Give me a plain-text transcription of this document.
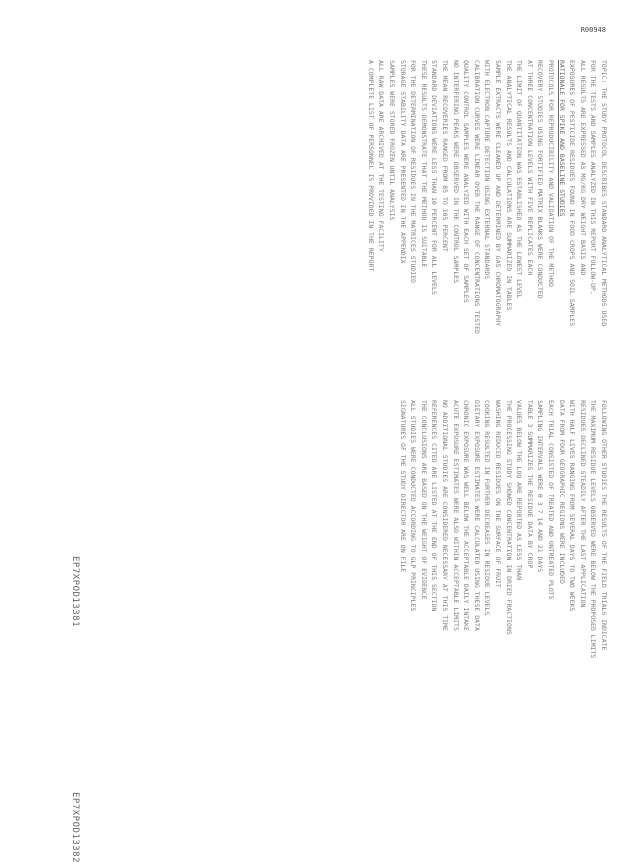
R00948
EP7XPOD13381
EP7XPOD13382
TOPIC: THE STUDY PROTOCOL DESCRIBES STANDARD ANALYTICAL METHODS USED
FOR THE TESTS AND SAMPLES ANALYZED IN THIS REPORT FOLLOW-UP.
ALL RESULTS ARE EXPRESSED AS MG/KG DRY WEIGHT BASIS AND
EXPOSURES OF PESTICIDE RESIDUES FOUND IN FOOD CROPS AND SOIL SAMPLES
RATIONALE FOR SPIKE AND BASELINE STUDIES
PROTOCOLS FOR REPRODUCIBILITY AND VALIDATION OF THE METHOD
RECOVERY STUDIES USING FORTIFIED MATRIX BLANKS WERE CONDUCTED
AT THREE CONCENTRATION LEVELS WITH FIVE REPLICATES EACH
THE LIMIT OF QUANTITATION WAS ESTABLISHED AS THE LOWEST LEVEL
THE ANALYTICAL RESULTS AND CALCULATIONS ARE SUMMARIZED IN TABLES
SAMPLE EXTRACTS WERE CLEANED UP AND DETERMINED BY GAS CHROMATOGRAPHY
WITH ELECTRON CAPTURE DETECTION USING EXTERNAL STANDARDS
CALIBRATION CURVES WERE LINEAR OVER THE RANGE OF CONCENTRATIONS TESTED
QUALITY CONTROL SAMPLES WERE ANALYZED WITH EACH SET OF SAMPLES
NO INTERFERING PEAKS WERE OBSERVED IN THE CONTROL SAMPLES
THE MEAN RECOVERIES RANGED FROM 85 TO 105 PERCENT
STANDARD DEVIATIONS WERE LESS THAN 10 PERCENT FOR ALL LEVELS
THESE RESULTS DEMONSTRATE THAT THE METHOD IS SUITABLE
FOR THE DETERMINATION OF RESIDUES IN THE MATRICES STUDIED
STORAGE STABILITY DATA ARE PRESENTED IN THE APPENDIX
SAMPLES WERE STORED FROZEN UNTIL ANALYSIS
ALL RAW DATA ARE ARCHIVED AT THE TESTING FACILITY
A COMPLETE LIST OF PERSONNEL IS PROVIDED IN THE REPORT
FOLLOWING OTHER STUDIES THE RESULTS OF THE FIELD TRIALS INDICATE
THE MAXIMUM RESIDUE LEVELS OBSERVED WERE BELOW THE PROPOSED LIMITS
RESIDUES DECLINED STEADILY AFTER THE LAST APPLICATION
WITH HALF LIVES RANGING FROM SEVERAL DAYS TO TWO WEEKS
DATA FROM FOUR GEOGRAPHIC REGIONS WERE INCLUDED
EACH TRIAL CONSISTED OF TREATED AND UNTREATED PLOTS
SAMPLING INTERVALS WERE 0 3 7 14 AND 21 DAYS
TABLE 3 SUMMARIZES THE RESIDUE DATA BY CROP
VALUES BELOW THE LOQ ARE REPORTED AS LESS THAN
THE PROCESSING STUDY SHOWED CONCENTRATION IN DRIED FRACTIONS
WASHING REDUCED RESIDUES ON THE SURFACE OF FRUIT
COOKING RESULTED IN FURTHER DECREASES IN RESIDUE LEVELS
DIETARY EXPOSURE ESTIMATES WERE CALCULATED USING THESE DATA
CHRONIC EXPOSURE WAS WELL BELOW THE ACCEPTABLE DAILY INTAKE
ACUTE EXPOSURE ESTIMATES WERE ALSO WITHIN ACCEPTABLE LIMITS
NO ADDITIONAL STUDIES ARE CONSIDERED NECESSARY AT THIS TIME
REFERENCES CITED ARE LISTED AT THE END OF THIS SECTION
THE CONCLUSIONS ARE BASED ON THE WEIGHT OF EVIDENCE
ALL STUDIES WERE CONDUCTED ACCORDING TO GLP PRINCIPLES
SIGNATURES OF THE STUDY DIRECTOR ARE ON FILE
